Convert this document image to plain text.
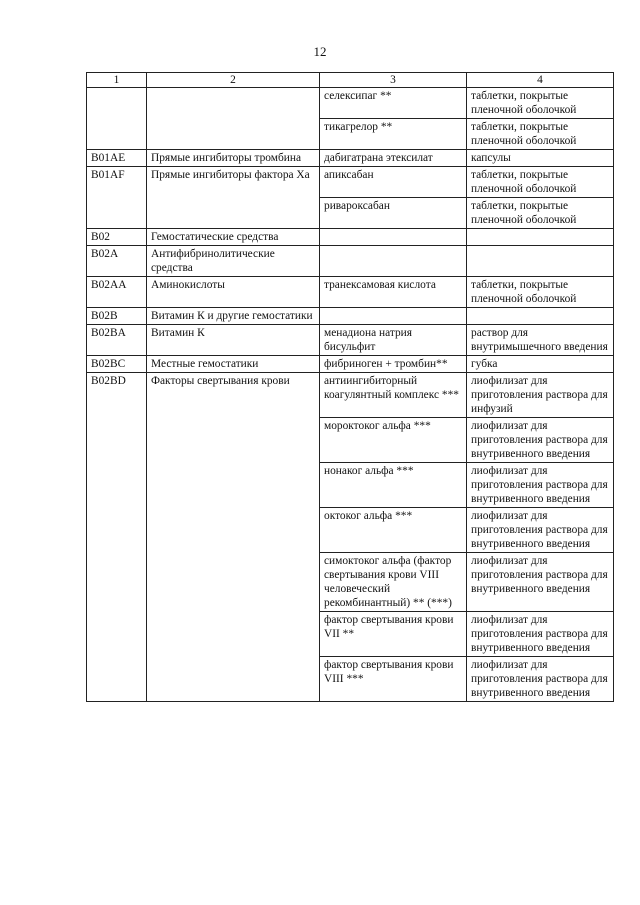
12
1	2	3	4
		селексипаг **	таблетки, покрытые пленочной оболочкой
		тикагрелор **	таблетки, покрытые пленочной оболочкой
B01AE	Прямые ингибиторы тромбина	дабигатрана этексилат	капсулы
B01AF	Прямые ингибиторы фактора Xa	апиксабан	таблетки, покрытые пленочной оболочкой
		ривароксабан	таблетки, покрытые пленочной оболочкой
B02	Гемостатические средства		
B02A	Антифибринолитические средства		
B02AA	Аминокислоты	транексамовая кислота	таблетки, покрытые пленочной оболочкой
B02B	Витамин К и другие гемостатики		
B02BA	Витамин К	менадиона натрия бисульфит	раствор для внутримышечного введения
B02BC	Местные гемостатики	фибриноген + тромбин**	губка
B02BD	Факторы свертывания крови	антиингибиторный коагулянтный комплекс ***	лиофилизат для приготовления раствора для инфузий
		мороктоког альфа ***	лиофилизат для приготовления раствора для внутривенного введения
		нонаког альфа ***	лиофилизат для приготовления раствора для внутривенного введения
		октоког альфа ***	лиофилизат для приготовления раствора для внутривенного введения
		симоктоког альфа (фактор свертывания крови VIII человеческий рекомбинантный) ** (***)	лиофилизат для приготовления раствора для внутривенного введения
		фактор свертывания крови VII **	лиофилизат для приготовления раствора для внутривенного введения
		фактор свертывания крови VIII ***	лиофилизат для приготовления раствора для внутривенного введения
